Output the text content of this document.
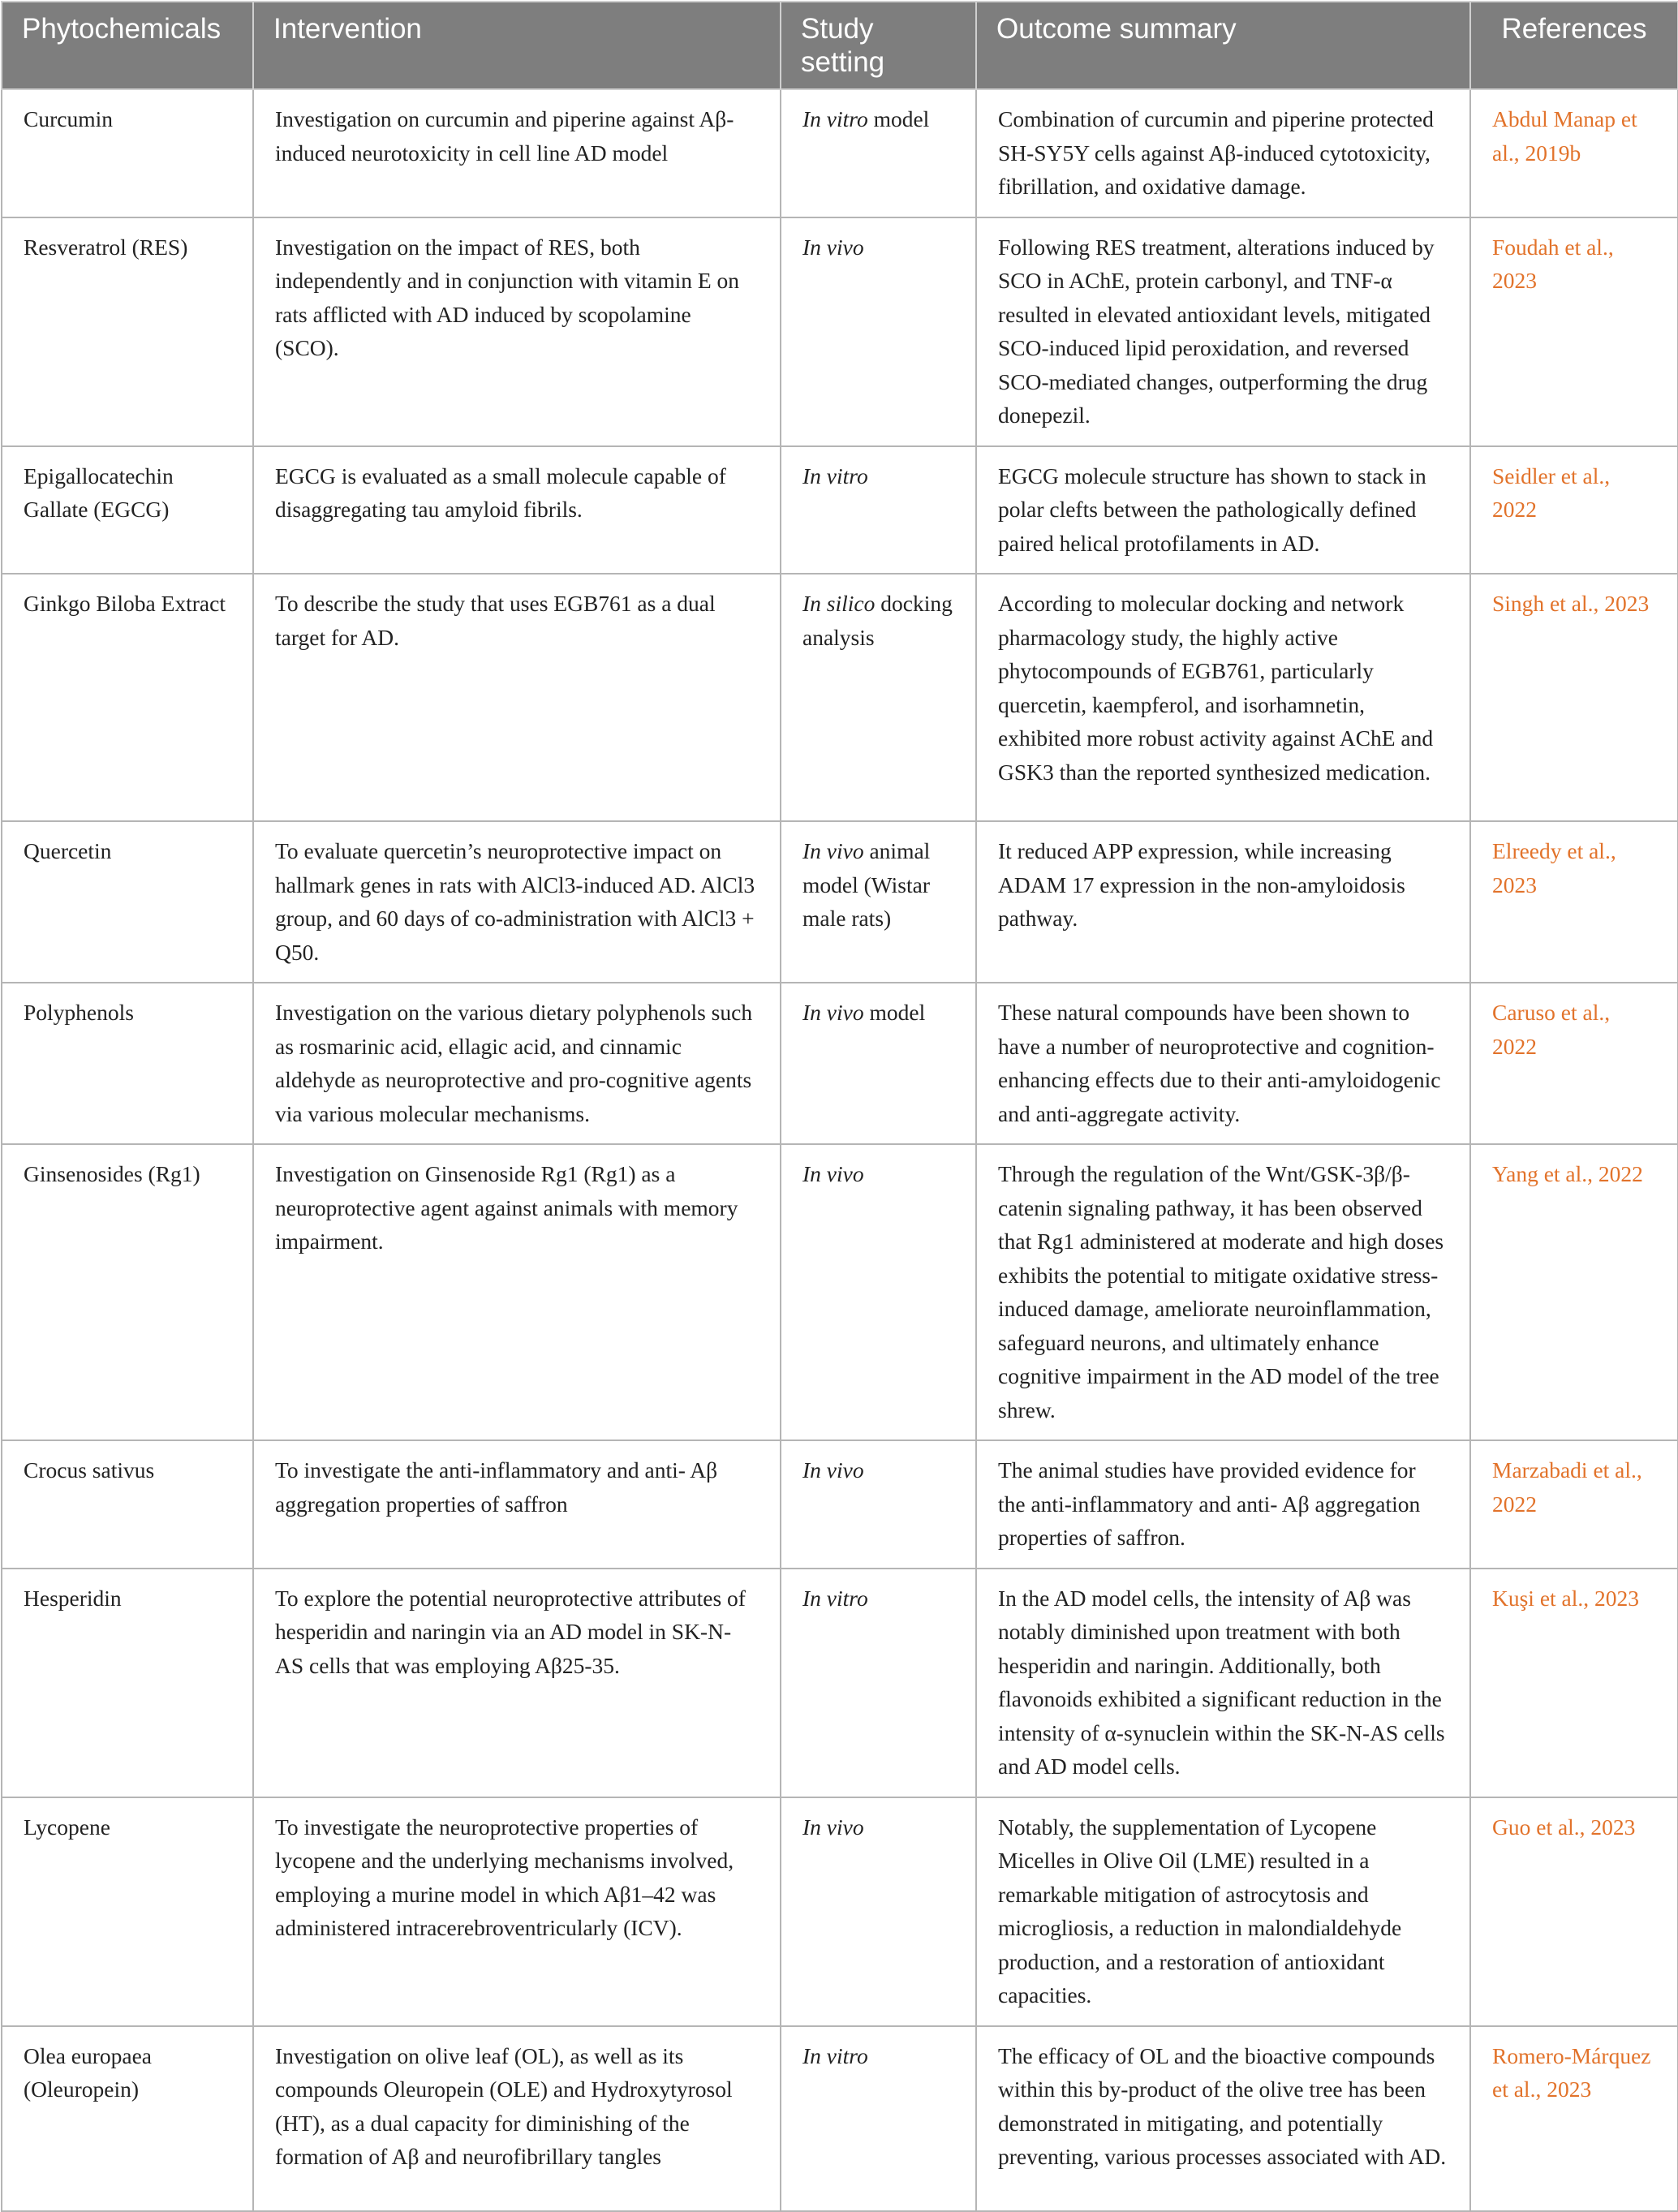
Phytochemicals	Intervention	Study setting	Outcome summary	References
Curcumin	Investigation on curcumin and piperine against Aβ-induced neurotoxicity in cell line AD model	In vitro model	Combination of curcumin and piperine protected SH-SY5Y cells against Aβ-induced cytotoxicity, fibrillation, and oxidative damage.	Abdul Manap et al., 2019b
Resveratrol (RES)	Investigation on the impact of RES, both independently and in conjunction with vitamin E on rats afflicted with AD induced by scopolamine (SCO).	In vivo	Following RES treatment, alterations induced by SCO in AChE, protein carbonyl, and TNF-α resulted in elevated antioxidant levels, mitigated SCO-induced lipid peroxidation, and reversed SCO-mediated changes, outperforming the drug donepezil.	Foudah et al., 2023
Epigallocatechin Gallate (EGCG)	EGCG is evaluated as a small molecule capable of disaggregating tau amyloid fibrils.	In vitro	EGCG molecule structure has shown to stack in polar clefts between the pathologically defined paired helical protofilaments in AD.	Seidler et al., 2022
Ginkgo Biloba Extract	To describe the study that uses EGB761 as a dual target for AD.	In silico docking analysis	According to molecular docking and network pharmacology study, the highly active phytocompounds of EGB761, particularly quercetin, kaempferol, and isorhamnetin, exhibited more robust activity against AChE and GSK3 than the reported synthesized medication.	Singh et al., 2023
Quercetin	To evaluate quercetin’s neuroprotective impact on hallmark genes in rats with AlCl3-induced AD. AlCl3 group, and 60 days of co-administration with AlCl3 + Q50.	In vivo animal model (Wistar male rats)	It reduced APP expression, while increasing ADAM 17 expression in the non-amyloidosis pathway.	Elreedy et al., 2023
Polyphenols	Investigation on the various dietary polyphenols such as rosmarinic acid, ellagic acid, and cinnamic aldehyde as neuroprotective and pro-cognitive agents via various molecular mechanisms.	In vivo model	These natural compounds have been shown to have a number of neuroprotective and cognition-enhancing effects due to their anti-amyloidogenic and anti-aggregate activity.	Caruso et al., 2022
Ginsenosides (Rg1)	Investigation on Ginsenoside Rg1 (Rg1) as a neuroprotective agent against animals with memory impairment.	In vivo	Through the regulation of the Wnt/GSK-3β/β-catenin signaling pathway, it has been observed that Rg1 administered at moderate and high doses exhibits the potential to mitigate oxidative stress-induced damage, ameliorate neuroinflammation, safeguard neurons, and ultimately enhance cognitive impairment in the AD model of the tree shrew.	Yang et al., 2022
Crocus sativus	To investigate the anti-inflammatory and anti- Aβ aggregation properties of saffron	In vivo	The animal studies have provided evidence for the anti-inflammatory and anti- Aβ aggregation properties of saffron.	Marzabadi et al., 2022
Hesperidin	To explore the potential neuroprotective attributes of hesperidin and naringin via an AD model in SK-N-AS cells that was employing Aβ25-35.	In vitro	In the AD model cells, the intensity of Aβ was notably diminished upon treatment with both hesperidin and naringin. Additionally, both flavonoids exhibited a significant reduction in the intensity of α-synuclein within the SK-N-AS cells and AD model cells.	Kuşi et al., 2023
Lycopene	To investigate the neuroprotective properties of lycopene and the underlying mechanisms involved, employing a murine model in which Aβ1–42 was administered intracerebroventricularly (ICV).	In vivo	Notably, the supplementation of Lycopene Micelles in Olive Oil (LME) resulted in a remarkable mitigation of astrocytosis and microgliosis, a reduction in malondialdehyde production, and a restoration of antioxidant capacities.	Guo et al., 2023
Olea europaea (Oleuropein)	Investigation on olive leaf (OL), as well as its compounds Oleuropein (OLE) and Hydroxytyrosol (HT), as a dual capacity for diminishing of the formation of Aβ and neurofibrillary tangles	In vitro	The efficacy of OL and the bioactive compounds within this by-product of the olive tree has been demonstrated in mitigating, and potentially preventing, various processes associated with AD.	Romero-Márquez et al., 2023
